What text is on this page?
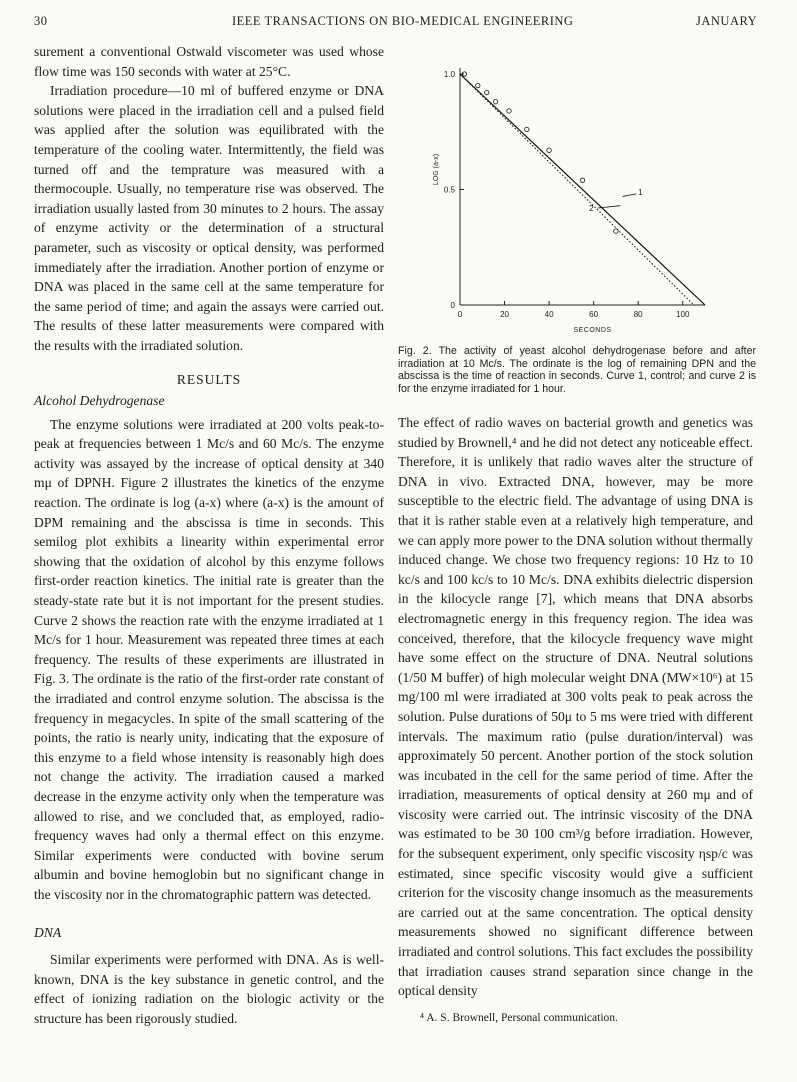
30	IEEE TRANSACTIONS ON BIO-MEDICAL ENGINEERING	JANUARY

surement a conventional Ostwald viscometer was used whose flow time was 150 seconds with water at 25°C.

Irradiation procedure—10 ml of buffered enzyme or DNA solutions were placed in the irradiation cell and a pulsed field was applied after the solution was equilibrated with the temperature of the cooling water. Intermittently, the field was turned off and the temprature was measured with a thermocouple. Usually, no temperature rise was observed. The irradiation usually lasted from 30 minutes to 2 hours. The assay of enzyme activity or the determination of a structural parameter, such as viscosity or optical density, was performed immediately after the irradiation. Another portion of enzyme or DNA was placed in the same cell at the same temperature for the same period of time; and again the assays were carried out. The results of these latter measurements were compared with the results with the irradiated solution.

RESULTS

Alcohol Dehydrogenase

The enzyme solutions were irradiated at 200 volts peak-to-peak at frequencies between 1 Mc/s and 60 Mc/s. The enzyme activity was assayed by the increase of optical density at 340 mμ of DPNH. Figure 2 illustrates the kinetics of the enzyme reaction. The ordinate is log (a-x) where (a-x) is the amount of DPM remaining and the abscissa is time in seconds. This semilog plot exhibits a linearity within experimental error showing that the oxidation of alcohol by this enzyme follows first-order reaction kinetics. The initial rate is greater than the steady-state rate but it is not important for the present studies. Curve 2 shows the reaction rate with the enzyme irradiated at 1 Mc/s for 1 hour. Measurement was repeated three times at each frequency. The results of these experiments are illustrated in Fig. 3. The ordinate is the ratio of the first-order rate constant of the irradiated and control enzyme solution. The abscissa is the frequency in megacycles. In spite of the small scattering of the points, the ratio is nearly unity, indicating that the exposure of this enzyme to a field whose intensity is reasonably high does not change the activity. The irradiation caused a marked decrease in the enzyme activity only when the temperature was allowed to rise, and we concluded that, as employed, radio-frequency waves had only a thermal effect on this enzyme. Similar experiments were conducted with bovine serum albumin and bovine hemoglobin but no significant change in the viscosity nor in the chromatographic pattern was detected.

DNA

Similar experiments were performed with DNA. As is well-known, DNA is the key substance in genetic control, and the effect of ionizing radiation on the biologic activity or the structure has been rigorously studied.

0	20	40	60	80	100
0
0.5
1.0
SECONDS
LOG (a-x)
1
2
Fig. 2. The activity of yeast alcohol dehydrogenase before and after irradiation at 10 Mc/s. The ordinate is the log of remaining DPN and the abscissa is the time of reaction in seconds. Curve 1, control; and curve 2 is for the enzyme irradiated for 1 hour.

The effect of radio waves on bacterial growth and genetics was studied by Brownell,⁴ and he did not detect any noticeable effect. Therefore, it is unlikely that radio waves alter the structure of DNA in vivo. Extracted DNA, however, may be more susceptible to the electric field. The advantage of using DNA is that it is rather stable even at a relatively high temperature, and we can apply more power to the DNA solution without thermally induced change. We chose two frequency regions: 10 Hz to 10 kc/s and 100 kc/s to 10 Mc/s. DNA exhibits dielectric dispersion in the kilocycle range [7], which means that DNA absorbs electromagnetic energy in this frequency region. The idea was conceived, therefore, that the kilocycle frequency wave might have some effect on the structure of DNA. Neutral solutions (1/50 M buffer) of high molecular weight DNA (MW×10⁶) at 15 mg/100 ml were irradiated at 300 volts peak to peak across the solution. Pulse durations of 50μ to 5 ms were tried with different intervals. The maximum ratio (pulse duration/interval) was approximately 50 percent. Another portion of the stock solution was incubated in the cell for the same period of time. After the irradiation, measurements of optical density at 260 mμ and of viscosity were carried out. The intrinsic viscosity of the DNA was estimated to be 30 100 cm³/g before irradiation. However, for the subsequent experiment, only specific viscosity ηsp/c was estimated, since specific viscosity would give a sufficient criterion for the viscosity change insomuch as the measurements are carried out at the same concentration. The optical density measurements showed no significant difference between irradiated and control solutions. This fact excludes the possibility that irradiation causes strand separation since change in the optical density

⁴ A. S. Brownell, Personal communication.
